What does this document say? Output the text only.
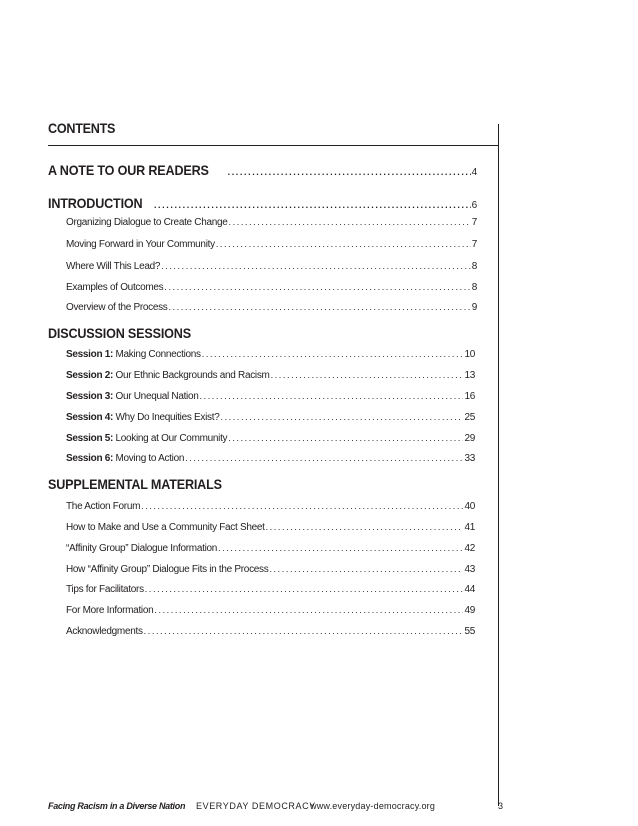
CONTENTS
A NOTE TO OUR READERS .....	4
INTRODUCTION .....	6
Organizing Dialogue to Create Change .....	7
Moving Forward in Your Community .....	7
Where Will This Lead? .....	8
Examples of Outcomes .....	8
Overview of the Process .....	9
DISCUSSION SESSIONS
Session 1: Making Connections .....	10
Session 2: Our Ethnic Backgrounds and Racism .....	13
Session 3: Our Unequal Nation .....	16
Session 4: Why Do Inequities Exist? .....	25
Session 5: Looking at Our Community .....	29
Session 6: Moving to Action .....	33
SUPPLEMENTAL MATERIALS
The Action Forum .....	40
How to Make and Use a Community Fact Sheet .....	41
“Affinity Group” Dialogue Information .....	42
How “Affinity Group” Dialogue Fits in the Process .....	43
Tips for Facilitators .....	44
For More Information .....	49
Acknowledgments .....	55
Facing Racism in a Diverse Nation EVERYDAY DEMOCRACY
www.everyday-democracy.org	3
